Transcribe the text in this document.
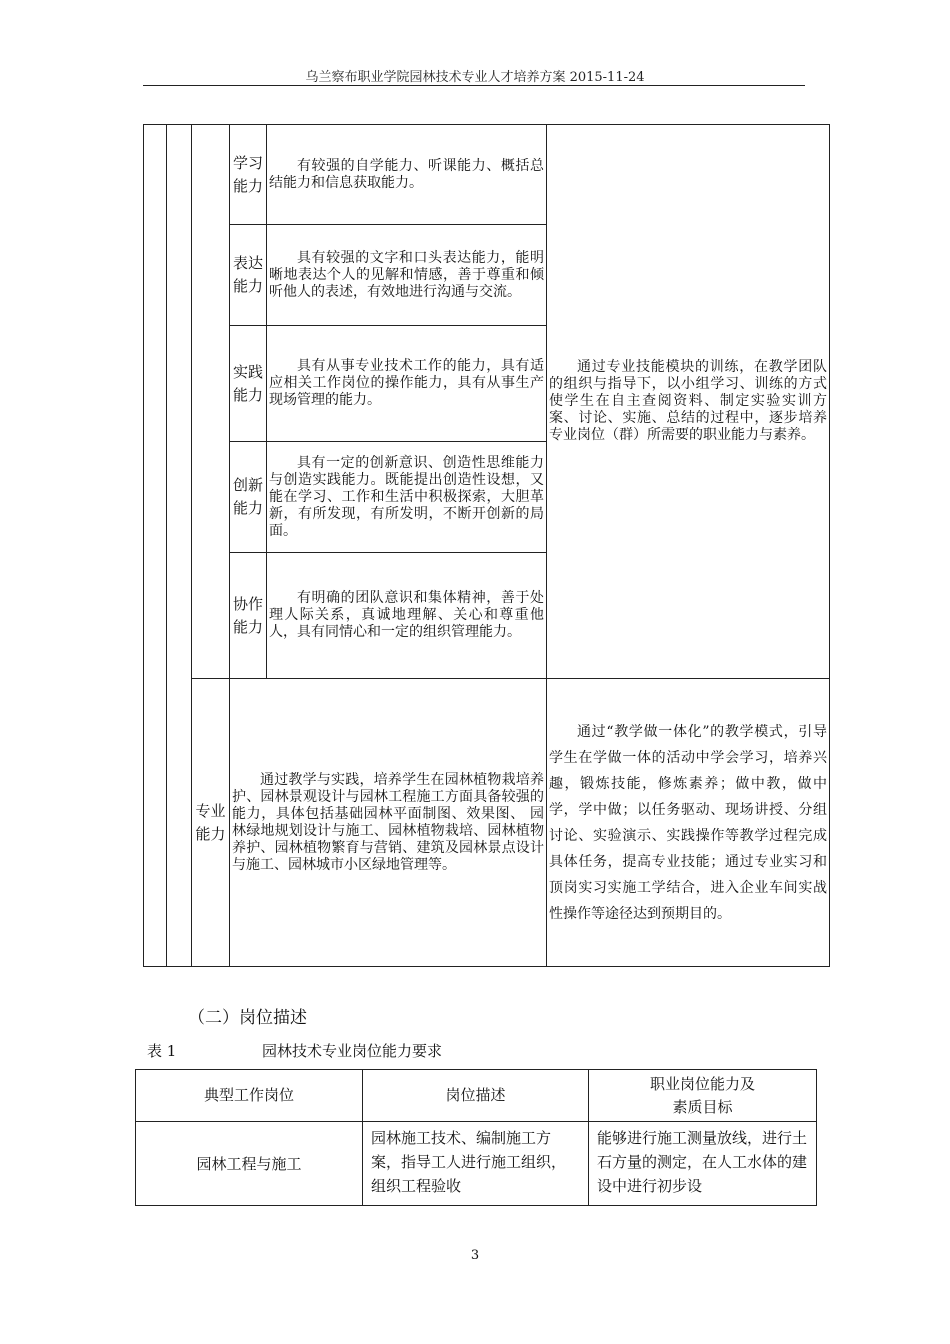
乌兰察布职业学院园林技术专业人才培养方案 2015-11-24
			学习能力	有较强的自学能力、听课能力、概括总结能力和信息获取能力。	通过专业技能模块的训练，在教学团队的组织与指导下，以小组学习、训练的方式使学生在自主查阅资料、制定实验实训方案、讨论、实施、总结的过程中，逐步培养专业岗位（群）所需要的职业能力与素养。
			表达能力	具有较强的文字和口头表达能力，能明晰地表达个人的见解和情感，善于尊重和倾听他人的表述，有效地进行沟通与交流。	
			实践能力	具有从事专业技术工作的能力，具有适应相关工作岗位的操作能力，具有从事生产现场管理的能力。	
			创新能力	具有一定的创新意识、创造性思维能力与创造实践能力。既能提出创造性设想，又能在学习、工作和生活中积极探索，大胆革新，有所发现，有所发明，不断开创新的局面。	
			协作能力	有明确的团队意识和集体精神，善于处理人际关系，真诚地理解、关心和尊重他人，具有同情心和一定的组织管理能力。	
		专业能力	通过教学与实践，培养学生在园林植物栽培养护、园林景观设计与园林工程施工方面具备较强的能力，具体包括基础园林平面制图、效果图、 园林绿地规划设计与施工、园林植物栽培、园林植物养护、园林植物繁育与营销、建筑及园林景点设计与施工、园林城市小区绿地管理等。		通过“教学做一体化”的教学模式，引导学生在学做一体的活动中学会学习，培养兴趣，锻炼技能，修炼素养；做中教，做中学，学中做；以任务驱动、现场讲授、分组讨论、实验演示、实践操作等教学过程完成具体任务，提高专业技能；通过专业实习和顶岗实习实施工学结合，进入企业车间实战性操作等途径达到预期目的。
（二）岗位描述
表 1	园林技术专业岗位能力要求
典型工作岗位	岗位描述	职业岗位能力及
素质目标

园林工程与施工	园林施工技术、编制施工方案，指导工人进行施工组织，组织工程验收	能够进行施工测量放线，进行土石方量的测定，在人工水体的建设中进行初步设
3
